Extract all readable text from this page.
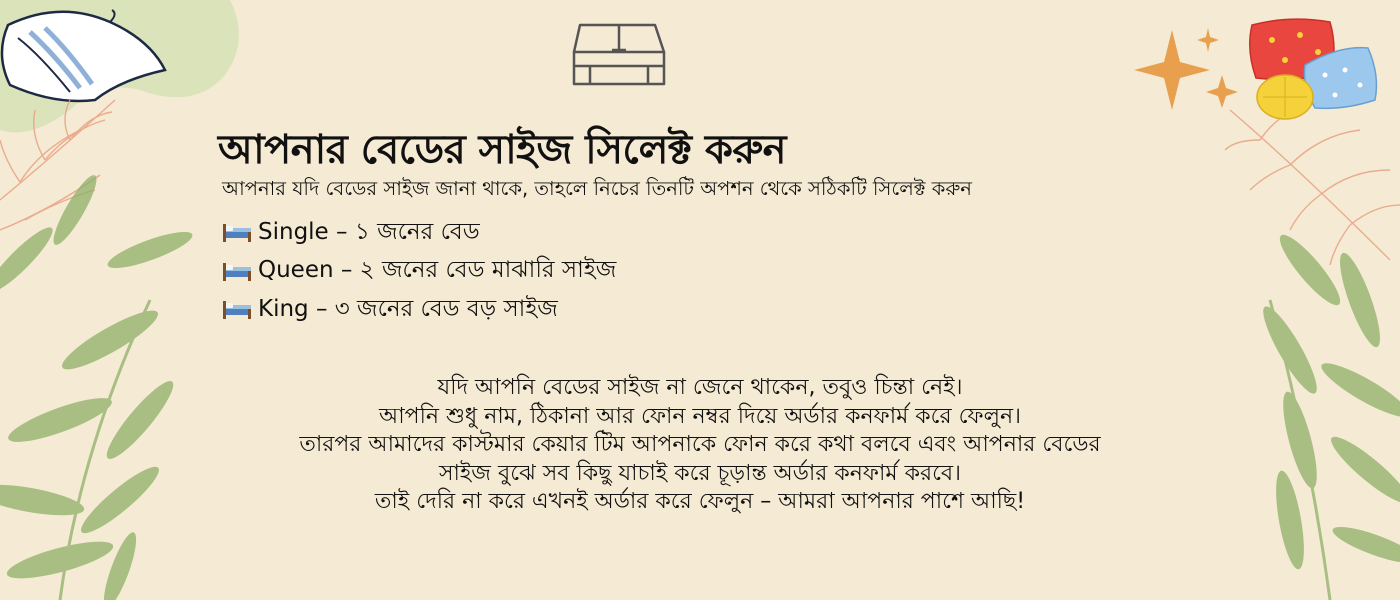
আপনার বেডের সাইজ সিলেক্ট করুন
আপনার যদি বেডের সাইজ জানা থাকে, তাহলে নিচের তিনটি অপশন থেকে সঠিকটি সিলেক্ট করুন
Single – ১ জনের বেড
Queen – ২ জনের বেড মাঝারি সাইজ
King – ৩ জনের বেড বড় সাইজ
যদি আপনি বেডের সাইজ না জেনে থাকেন, তবুও চিন্তা নেই।
আপনি শুধু নাম, ঠিকানা আর ফোন নম্বর দিয়ে অর্ডার কনফার্ম করে ফেলুন।
তারপর আমাদের কাস্টমার কেয়ার টিম আপনাকে ফোন করে কথা বলবে এবং আপনার বেডের
সাইজ বুঝে সব কিছু যাচাই করে চূড়ান্ত অর্ডার কনফার্ম করবে।
তাই দেরি না করে এখনই অর্ডার করে ফেলুন – আমরা আপনার পাশে আছি!
